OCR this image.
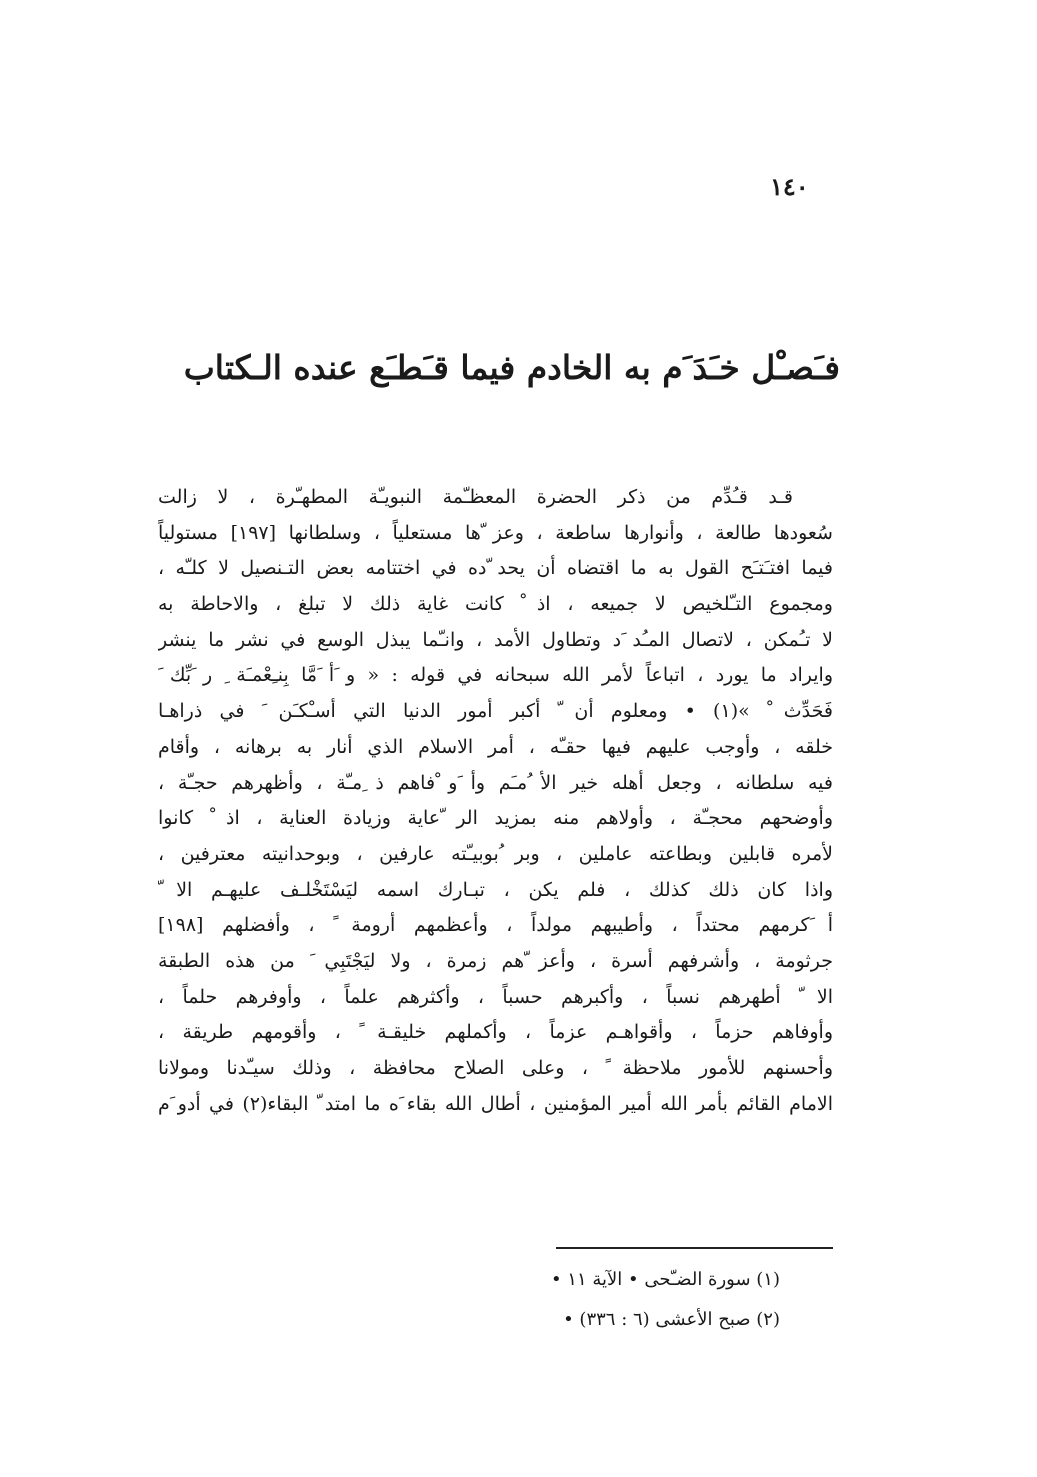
١٤٠
فـَصـْل خـَدَ َم به الخادم فيما قـَطـَع عنده الـكتاب
قـد قـُدِّم من ذكر الحضرة المعظـّمة النبويـّة المطهـّرة ، لا زالت
سُعودها طالعة ، وأنوارها ساطعة ، وعز ّها مستعلياً ، وسلطانها [١٩٧] مستولياً
فيما افتـَتـَح القول به ما اقتضاه أن يحد ّده في اختتامه بعض التـنصيل لا كلـّه ،
ومجموع التـّلخيص لا جميعه ، اذ ْ كانت غاية ذلك لا تبلغ ، والاحاطة به
لا تـُمكن ، لاتصال المـُد َد وتطاول الأمد ، وانـّما يبذل الوسع في نشر ما ينشر
وايراد ما يورد ، اتباعاً لأمر الله سبحانه في قوله : « و َأ َمَّا بِنـِعْمـَة ِ ر َبِّك َ
فَحَدِّث ْ »(١) • ومعلوم أن ّ أكبر أمور الدنيا التي أسـْكـَن َ في ذراهـا
خلقه ، وأوجب عليهم فيها حقـّه ، أمر الاسلام الذي أنار به برهانه ، وأقام
فيه سلطانه ، وجعل أهله خير الأ ُمـَم وأ َو ْفاهم ذ ِمـّة ، وأظهرهم حجـّة ،
وأوضحهم محجـّة ، وأولاهم منه بمزيد الر ّعاية وزيادة العناية ، اذ ْ كانوا
لأمره قابلين وبطاعته عاملين ، وبر ُبوبيـّته عارفين ، وبوحدانيته معترفين ،
واذا كان ذلك كذلك ، فلم يكن ، تبـارك اسمه ليَسْتَخْلـف عليهـم الا ّ
أ َكرمهم محتداً ، وأطيبهم مولداً ، وأعظمهم أرومة ً ، وأفضلهم [١٩٨]
جرثومة ، وأشرفهم أسرة ، وأعز ّهم زمرة ، ولا ليَجْتَبِي َ من هذه الطبقة
الا ّ أطهرهم نسباً ، وأكبرهم حسباً ، وأكثرهم علماً ، وأوفرهم حلماً ،
وأوفاهم حزماً ، وأقواهـم عزماً ، وأكملهم خليقـة ً ، وأقومهم طريقة ،
وأحسنهم للأمور ملاحظة ً ، وعلى الصلاح محافظة ، وذلك سيـّدنا ومولانا
الامام القائم بأمر الله أمير المؤمنين ، أطال الله بقاء َه ما امتد ّ البقاء(٢) في أدو َم
(١) سورة الضـّحى • الآية ١١ •
(٢) صبح الأعشى (٦ : ٣٣٦) •
